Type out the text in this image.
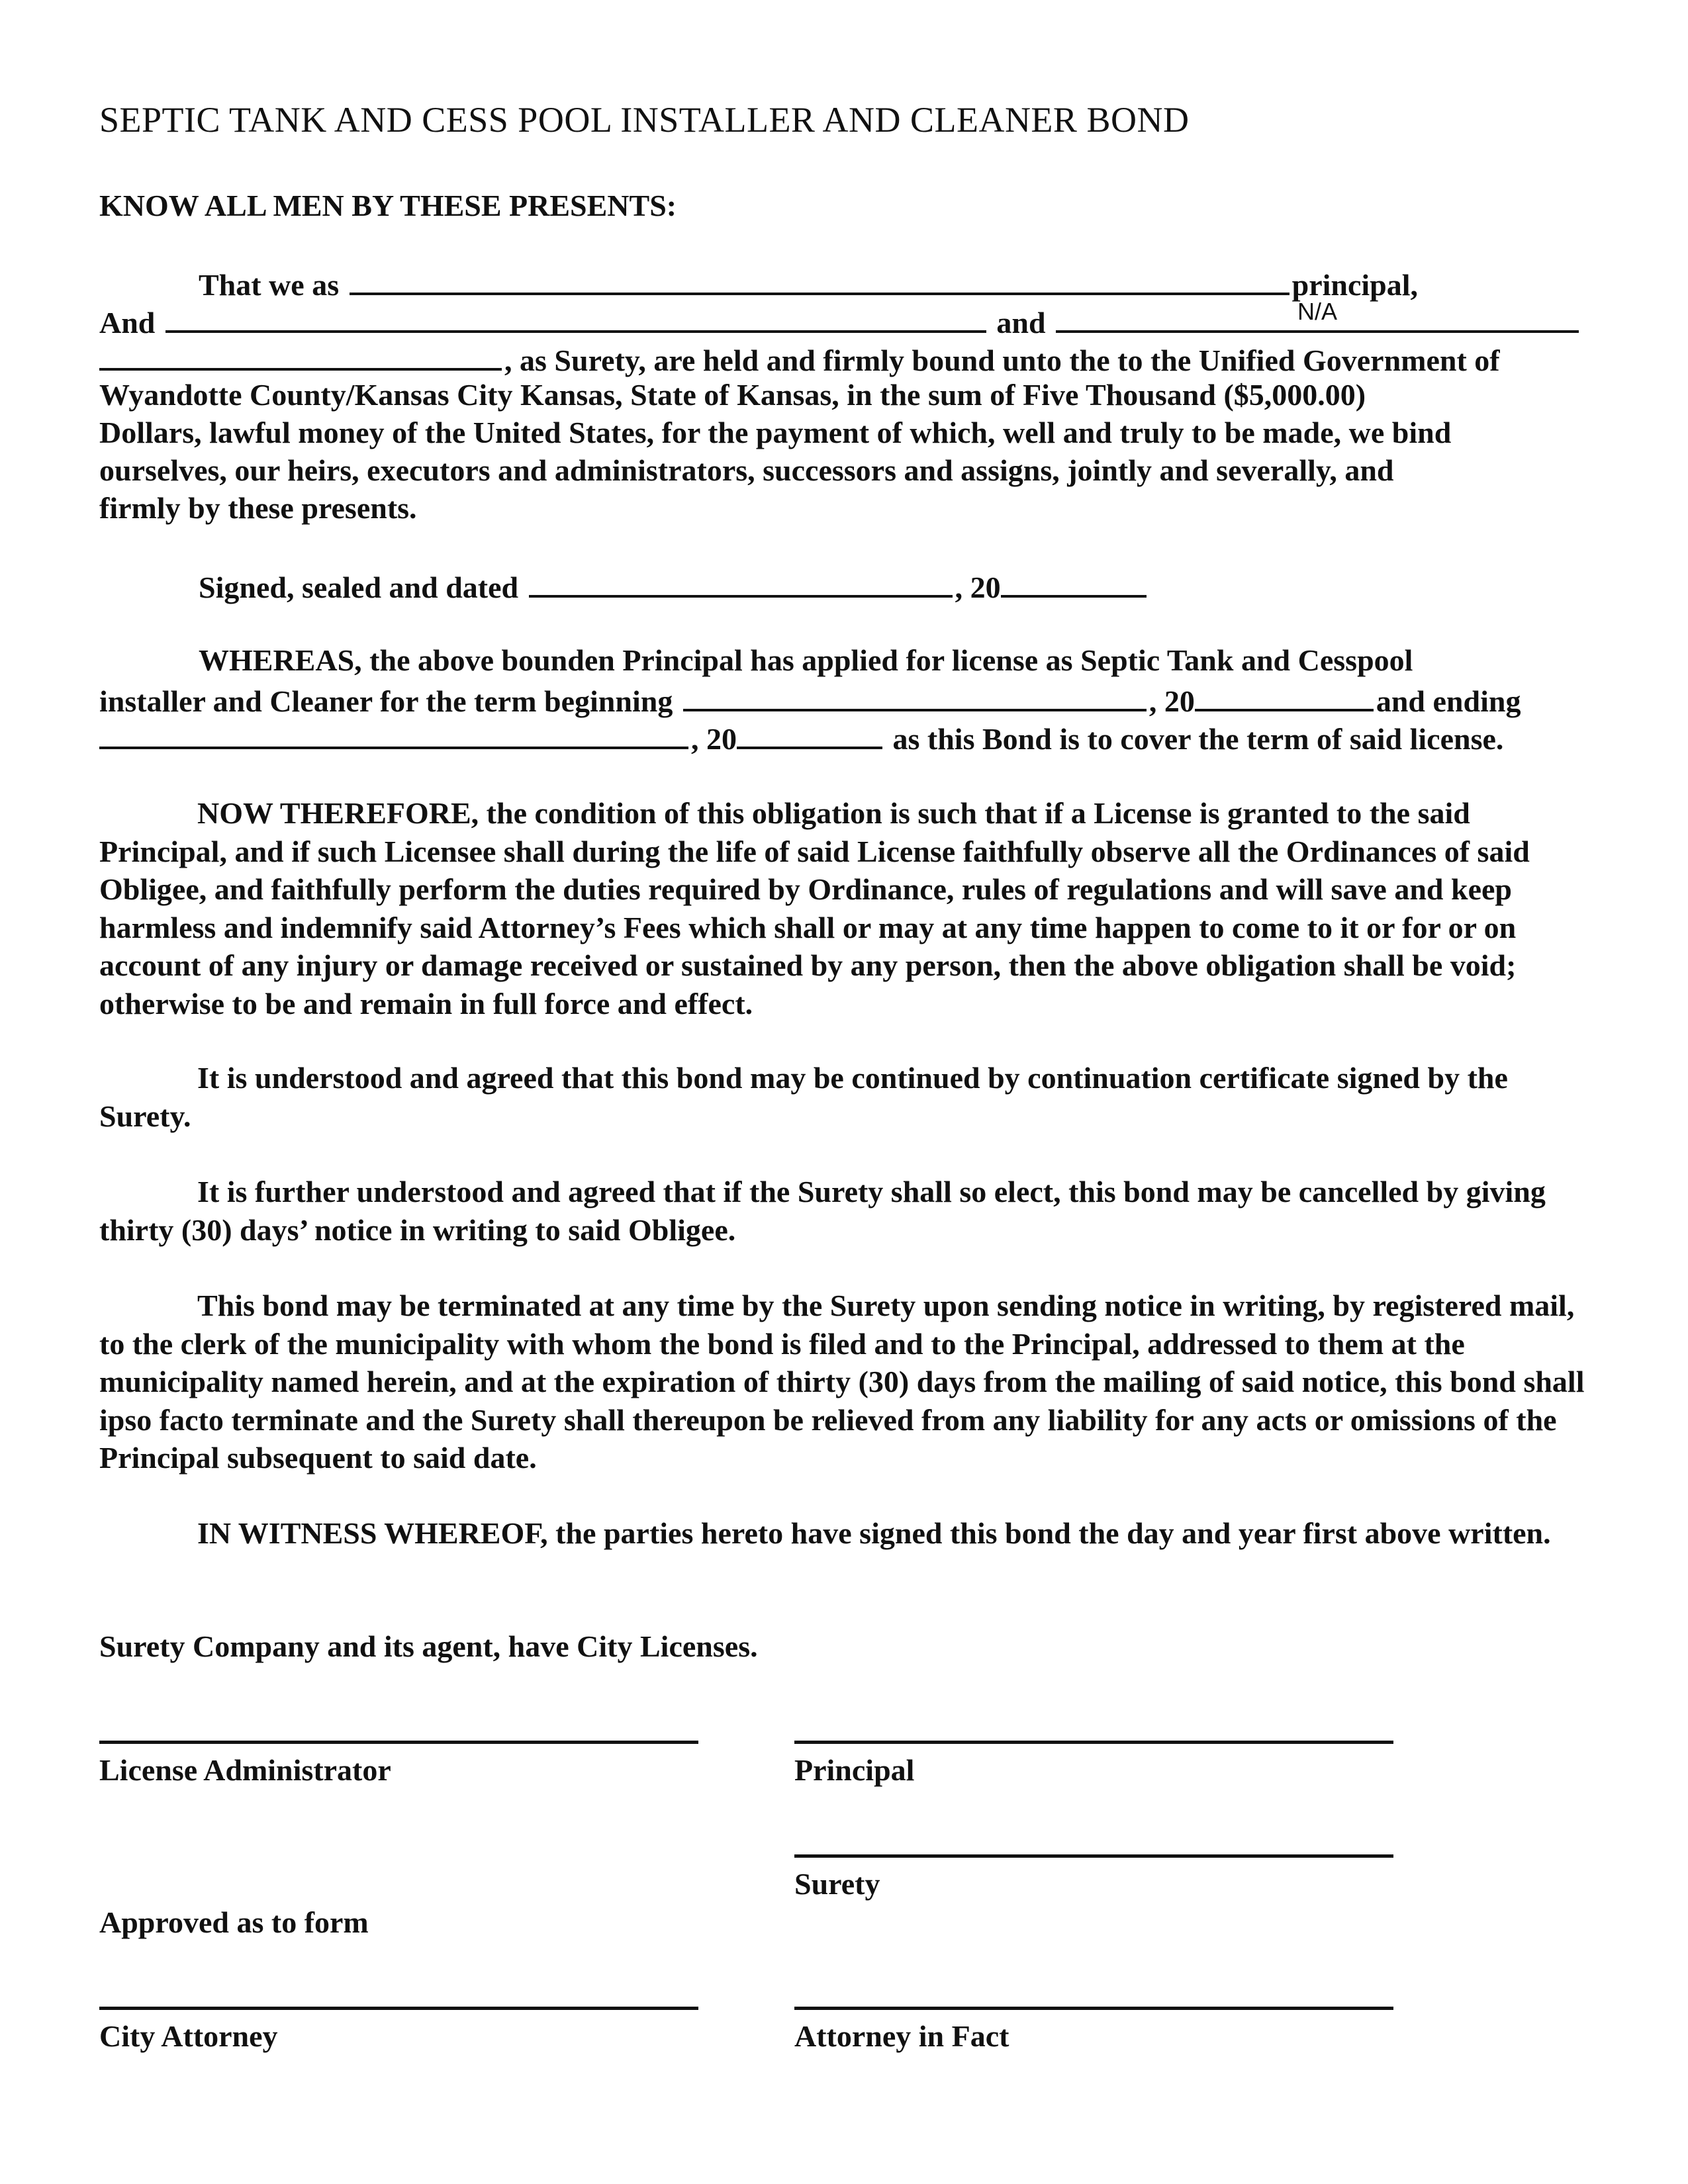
SEPTIC TANK AND CESS POOL INSTALLER AND CLEANER BOND
KNOW ALL MEN BY THESE PRESENTS:
That we as	principal,
And	and	N/A
, as Surety, are held and firmly bound unto the to the Unified Government of
Wyandotte County/Kansas City Kansas, State of Kansas, in the sum of Five Thousand ($5,000.00)
Dollars, lawful money of the United States, for the payment of which, well and truly to be made, we bind
ourselves, our heirs, executors and administrators, successors and assigns, jointly and severally, and
firmly by these presents.
Signed, sealed and dated	, 20
WHEREAS, the above bounden Principal has applied for license as Septic Tank and Cesspool
installer and Cleaner for the term beginning	, 20	and ending
, 20	as this Bond is to cover the term of said license.
NOW THEREFORE, the condition of this obligation is such that if a License is granted to the said Principal, and if such Licensee shall during the life of said License faithfully observe all the Ordinances of said Obligee, and faithfully perform the duties required by Ordinance, rules of regulations and will save and keep harmless and indemnify said Attorney’s Fees which shall or may at any time happen to come to it or for or on account of any injury or damage received or sustained by any person, then the above obligation shall be void; otherwise to be and remain in full force and effect.
It is understood and agreed that this bond may be continued by continuation certificate signed by the Surety.
It is further understood and agreed that if the Surety shall so elect, this bond may be cancelled by giving thirty (30) days’ notice in writing to said Obligee.
This bond may be terminated at any time by the Surety upon sending notice in writing, by registered mail, to the clerk of the municipality with whom the bond is filed and to the Principal, addressed to them at the municipality named herein, and at the expiration of thirty (30) days from the mailing of said notice, this bond shall ipso facto terminate and the Surety shall thereupon be relieved from any liability for any acts or omissions of the Principal subsequent to said date.
IN WITNESS WHEREOF, the parties hereto have signed this bond the day and year first above written.
Surety Company and its agent, have City Licenses.
License Administrator	Principal
Surety
Approved as to form
City Attorney	Attorney in Fact
